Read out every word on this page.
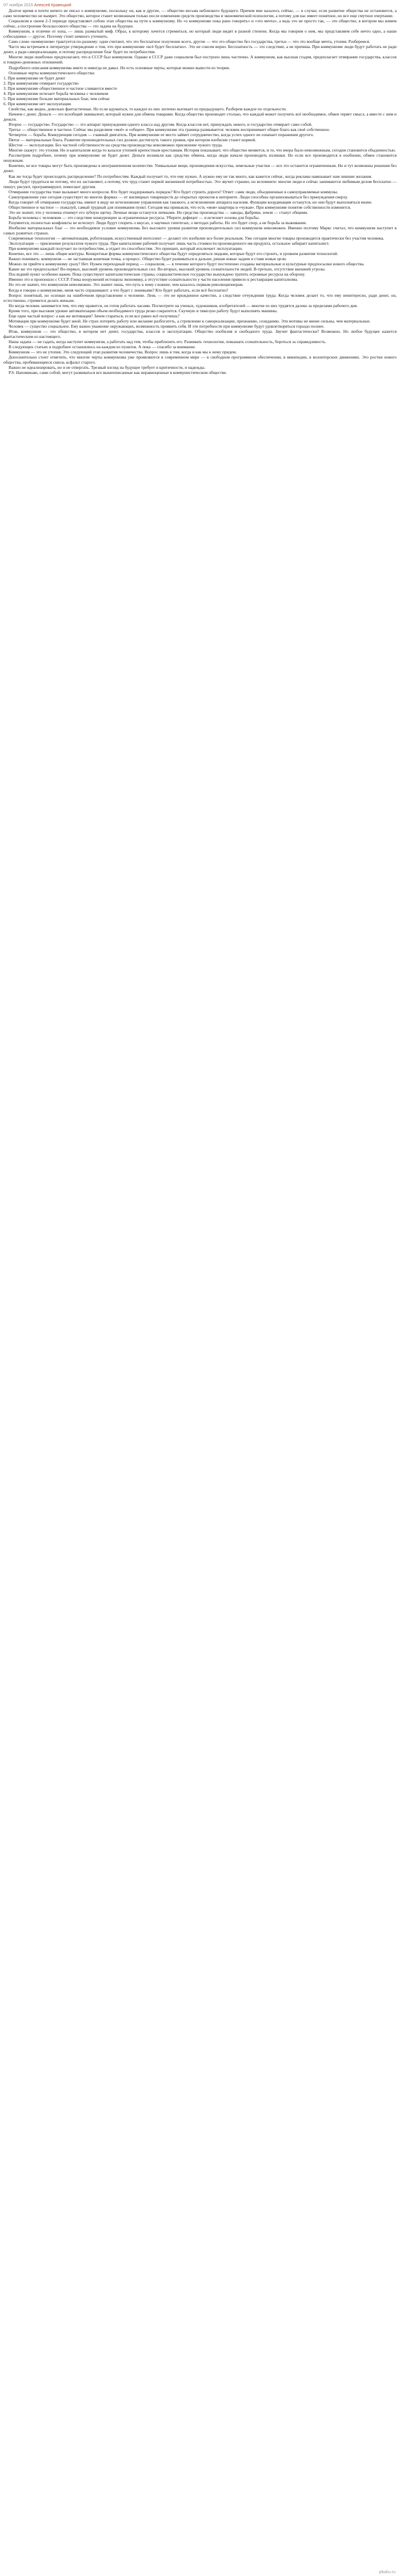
07 ноября 2015 Алексей Кравецкий

Долгое время я почти ничего не писал о коммунизме, поскольку он, как и другие, — общество весьма неблизкого будущего. Причем мне казалось сейчас, — в случае, если развитие общества не остановится, а само человечество не вымрет. Это общество, которое станет возможным только после изменения средств производства и экономической психологии, а потому для нас имеет понятное, но все еще смутное очертание.

Социализм в своем 2-3 периоде представляет собою этап общества на пути к коммунизму. Но «о коммунизме пока рано говорить» и «это мечта», а ведь это не просто так, — это общество, в котором мы живем сейчас, а построение бесклассового общества — это задача на будущее.

Коммунизм, в отличие от нэпа, — лишь размытый миф. Образ, к которому хочется стремиться, но который люди видят в разной степени. Когда мы говорим о нем, мы представляем себе нечто одно, а наши собеседники — другое. Поэтому стоит немного уточнить.

Само слово «коммунизм» трактуется по-разному: одни считают, что это бесплатное получение всего, другие — что это общество без государства, третьи — что это вообще мечта, утопия. Разберемся.

Часто мы встречаем в литературе утверждение о том, что при коммунизме «всё будет бесплатно». Это не совсем верно. Бесплатность — это следствие, а не причина. При коммунизме люди будут работать не ради денег, а ради самореализации, и потому распределение благ будет по потребностям.

Многие люди ошибочно предполагают, что в СССР был коммунизм. Однако в СССР даже социализм был построен лишь частично. А коммунизм, как высшая стадия, предполагает отмирание государства, классов и товарно-денежных отношений.

Подробного описания коммунизма никто и никогда не давал. Но есть основные черты, которые можно вывести из теории.

Основные черты коммунистического общества:

1. При коммунизме не будет денег
2. При коммунизме отмирает государство
3. При коммунизме общественное и частное сливаются вместе
4. При коммунизме исчезает борьба человека с человеком
5. При коммунизме больше материальных благ, чем сейчас
6. При коммунизме нет эксплуатации

Свойства, как видно, довольно фантастичные. Но если вдуматься, то каждое из них логично вытекает из предыдущего. Разберем каждое по отдельности.

Начнем с денег. Деньги — это всеобщий эквивалент, который нужен для обмена товарами. Когда общество производит столько, что каждый может получить всё необходимое, обмен теряет смысл, а вместе с ним и деньги.

Второе — государство. Государство — это аппарат принуждения одного класса над другим. Когда классов нет, принуждать некого, и государство отмирает само собой.

Третье — общественное и частное. Сейчас мы разделяем «моё» и «общее». При коммунизме эта граница размывается: человек воспринимает общее благо как своё собственное.

Четвертое — борьба. Конкуренция сегодня — главный двигатель. При коммунизме ее место займет сотрудничество, когда успех одного не означает поражения другого.

Пятое — материальные блага. Развитие производительных сил должно достигнуть такого уровня, при котором изобилие станет нормой.

Шестое — эксплуатация. Без частной собственности на средства производства невозможно присвоение чужого труда.

Многие скажут: это утопия. Но и капитализм когда-то казался утопией крепостным крестьянам. История показывает, что общество меняется, и то, что вчера было невозможным, сегодня становится обыденностью.

Рассмотрим подробнее, почему при коммунизме не будет денег. Деньги возникли как средство обмена, когда люди начали производить излишки. Но если все производится в изобилии, обмен становится ненужным.

Конечно, не все товары могут быть произведены в неограниченном количестве. Уникальные вещи, произведения искусства, земельные участки — все это останется ограниченным. Но и тут возможны решения без денег.

Как же тогда будет происходить распределение? По потребностям. Каждый получает то, что ему нужно. А нужно ему не так много, как кажется сейчас, когда реклама навязывает нам лишние желания.

Люди будут трудиться не потому, что их заставляют, а потому, что труд станет первой жизненной потребностью. Это звучит странно, но вспомните: многие люди и сейчас занимаются любимым делом бесплатно — пишут, рисуют, программируют, помогают другим.

Отмирание государства тоже вызывает много вопросов. Кто будет поддерживать порядок? Кто будет строить дороги? Ответ: сами люди, объединенные в самоуправляемые коммуны.

Самоуправление уже сегодня существует во многих формах — от жилищных товариществ до открытых проектов в интернете. Люди способны организовываться без принуждения сверху.

Когда говорят об отмирании государства, имеют в виду не исчезновение управления как такового, а исчезновение аппарата насилия. Функции координации останутся, но они будут выполняться иначе.

Общественное и частное — пожалуй, самый трудный для понимания пункт. Сегодня мы привыкли, что есть «моя» квартира и «чужая». При коммунизме понятие собственности изменится.

Это не значит, что у человека отнимут его зубную щетку. Личные вещи останутся личными. Но средства производства — заводы, фабрики, земля — станут общими.

Борьба человека с человеком — это следствие конкуренции за ограниченные ресурсы. Уберите дефицит — и исчезнет основа для борьбы.

Разумеется, полностью конфликты не исчезнут. Люди будут спорить о вкусах, о научных гипотезах, о методах работы. Но это будет спор, а не борьба за выживание.

Изобилие материальных благ — это необходимое условие коммунизма. Без высокого уровня развития производительных сил коммунизм невозможен. Именно поэтому Маркс считал, что коммунизм наступит в самых развитых странах.

Современные технологии — автоматизация, роботизация, искусственный интеллект — делают это изобилие все более реальным. Уже сегодня многие товары производятся практически без участия человека.

Эксплуатация — присвоение результатов чужого труда. При капитализме рабочий получает лишь часть стоимости произведенного им продукта, остальное забирает капиталист.

При коммунизме каждый получает по потребностям, а отдает по способностям. Это принцип, который исключает эксплуатацию.

Конечно, все это — лишь общие контуры. Конкретные формы коммунистического общества будут определяться людьми, которые будут его строить, и уровнем развития технологий.

Важно понимать: коммунизм — не застывшая конечная точка, а процесс. Общество будет развиваться и дальше, решая новые задачи и ставя новые цели.

Можно ли прийти к коммунизму сразу? Нет. Нужен переходный период — социализм, — в течение которого будут постепенно созданы материальные и культурные предпосылки нового общества.

Какие же это предпосылки? Во-первых, высокий уровень производительных сил. Во-вторых, высокий уровень сознательности людей. В-третьих, отсутствие внешней угрозы.

Последний пункт особенно важен. Пока существуют капиталистические страны, социалистическое государство вынуждено тратить огромные ресурсы на оборону.

Именно это и произошло с СССР. Гонка вооружений истощила экономику, а отсутствие сознательности у части населения привело к реставрации капитализма.

Но это не значит, что коммунизм невозможен. Это значит лишь, что путь к нему сложнее, чем казалось первым революционерам.

Когда я говорю о коммунизме, меня часто спрашивают: а что будет с ленивыми? Кто будет работать, если всё бесплатно?

Вопрос понятный, но основан на ошибочном представлении о человеке. Лень — это не врожденное качество, а следствие отчуждения труда. Когда человек делает то, что ему неинтересно, ради денег, он, естественно, стремится делать меньше.

Но когда человек занимается тем, что ему нравится, он готов работать часами. Посмотрите на ученых, художников, изобретателей — многие из них трудятся далеко за пределами рабочего дня.

Кроме того, при высоком уровне автоматизации объем необходимого труда резко сократится. Скучную и тяжелую работу будут выполнять машины.

Еще один частый вопрос: а как же мотивация? Зачем стараться, если все равно всё получишь?

Мотивация при коммунизме будет иной. Не страх потерять работу или желание разбогатеть, а стремление к самореализации, признанию, созиданию. Эти мотивы не менее сильны, чем материальные.

Человек — существо социальное. Ему важно уважение окружающих, возможность проявить себя. И эти потребности при коммунизме будут удовлетворяться гораздо полнее.

Итак, коммунизм — это общество, в котором нет денег, государства, классов и эксплуатации. Общество изобилия и свободного труда. Звучит фантастически? Возможно. Но любое будущее кажется фантастическим из настоящего.

Наша задача — не гадать, когда наступит коммунизм, а работать над тем, чтобы приблизить его. Развивать технологии, повышать сознательность, бороться за справедливость.

В следующих статьях я подробнее остановлюсь на каждом из пунктов. А пока — спасибо за внимание.

Коммунизм — это не утопия. Это следующий этап развития человечества. Вопрос лишь в том, когда и как мы к нему придем.

Дополнительно стоит отметить, что многие черты коммунизма уже проявляются в современном мире — в свободном программном обеспечении, в википедии, в волонтерских движениях. Это ростки нового общества, пробивающиеся сквозь асфальт старого.

Важно не идеализировать, но и не отвергать. Трезвый взгляд на будущее требует и критичности, и надежды.

Р.S. Напоминаю, сами собой, могут развиваться все вышеописанные как неравноценные в коммунистическом обществе.

pikabu.ru
